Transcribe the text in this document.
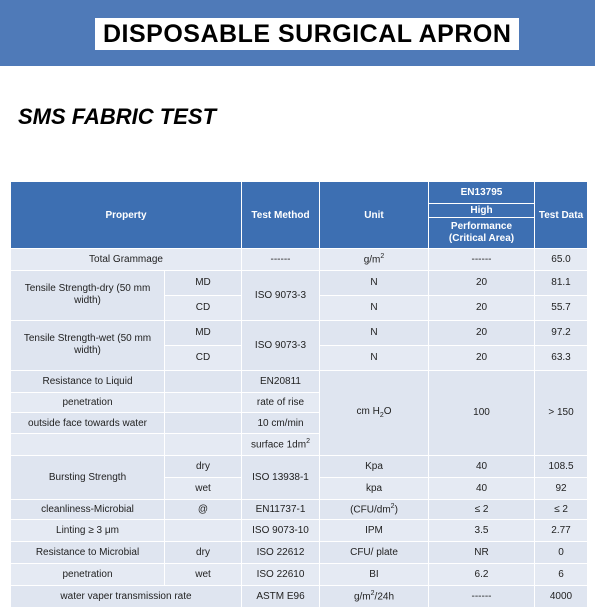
DISPOSABLE SURGICAL APRON
SMS FABRIC TEST
Property		Test Method	Unit	EN13795	Test Data
				High	
				Performance (Critical Area)	
Total Grammage		------	$g/m^2$	------	65.0
Tensile Strength-dry (50 mm width)	MD	ISO 9073-3	N	20	81.1
	CD		N	20	55.7
Tensile Strength-wet (50 mm width)	MD	ISO 9073-3	N	20	97.2
	CD		N	20	63.3
Resistance to Liquid		EN20811	cm $H_2O$	100	> 150
penetration		rate of rise			
outside face towards water		10 cm/min			
		surface $1dm^2$
Bursting Strength	dry	ISO 13938-1	Kpa	40	108.5
	wet		kpa	40	92
cleanliness-Microbial	@	EN11737-1	$(CFU/dm^2)$	≤ 2	≤ 2
Linting ≥ 3 μm		ISO 9073-10	IPM	3.5	2.77
Resistance to Microbial	dry	ISO 22612	CFU/ plate	NR	0
penetration	wet	ISO 22610	BI	6.2	6
water vaper transmission rate		ASTM E96	$g/m^2/24h$	------	4000
